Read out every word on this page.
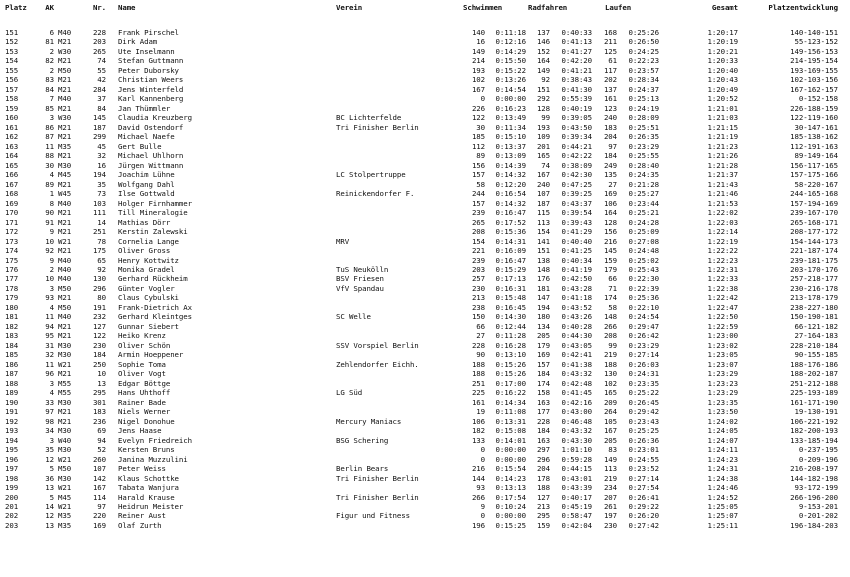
Platz	AK	Nr. Name	Verein	Schwimmen	Radfahren	Laufen	Gesamt	Platzentwicklung
151	6 M40	228 Frank Pirschel	140	0:11:18	137	0:40:33	168	0:25:26	1:20:17	140-140-151
152	81 M21	203 Dirk Adam	16	0:12:16	146	0:41:13	211	0:26:50	1:20:19	55-123-152
153	2 W30	265 Ute Inselmann	149	0:14:29	152	0:41:27	125	0:24:25	1:20:21	149-156-153
154	82 M21	74 Stefan Guttmann	214	0:15:50	164	0:42:20	61	0:22:23	1:20:33	214-195-154
155	2 M50	55 Peter Duborsky	193	0:15:22	149	0:41:21	117	0:23:57	1:20:40	193-169-155
156	83 M21	42 Christian Weers	102	0:13:26	92	0:38:43	202	0:28:34	1:20:43	102-103-156
157	84 M21	284 Jens Winterfeld	167	0:14:54	151	0:41:30	137	0:24:37	1:20:49	167-162-157
158	7 M40	37 Karl Kannenberg	0	0:00:00	292	0:55:39	161	0:25:13	1:20:52	0-152-158
159	85 M21	84 Jan Thümmler	226	0:16:23	128	0:40:19	123	0:24:19	1:21:01	226-188-159
160	3 W30	145 Claudia Kreuzberg	BC Lichterfelde	122	0:13:49	99	0:39:05	240	0:28:09	1:21:03	122-119-160
161	86 M21	187 David Ostendorf	Tri Finisher Berlin	30	0:11:34	193	0:43:50	183	0:25:51	1:21:15	30-147-161
162	87 M21	299 Michael Naefe	185	0:15:10	109	0:39:34	204	0:26:35	1:21:19	185-138-162
163	11 M35	45 Gert Bulle	112	0:13:37	201	0:44:21	97	0:23:29	1:21:23	112-191-163
164	88 M21	32 Michael Uhlhorn	89	0:13:09	165	0:42:22	184	0:25:55	1:21:26	89-149-164
165	30 M30	16 Jürgen Wittmann	156	0:14:39	74	0:38:09	249	0:28:40	1:21:28	156-117-165
166	4 M45	194 Joachim Lühne	LC Stolpertruppe	157	0:14:32	167	0:42:30	135	0:24:35	1:21:37	157-175-166
167	89 M21	35 Wolfgang Dahl	58	0:12:20	240	0:47:25	27	0:21:28	1:21:43	58-220-167
168	1 W45	73 Ilse Gottwald	Reinickendorfer F.	244	0:16:54	107	0:39:25	169	0:25:27	1:21:46	244-165-168
169	8 M40	103 Holger Firnhammer	157	0:14:32	187	0:43:37	106	0:23:44	1:21:53	157-194-169
170	90 M21	111 Till Mineralogie	239	0:16:47	115	0:39:54	164	0:25:21	1:22:02	239-167-170
171	91 M21	14 Mathias Dörr	265	0:17:52	113	0:39:43	128	0:24:28	1:22:03	265-168-171
172	9 M21	251 Kerstin Zalewski	208	0:15:36	154	0:41:29	156	0:25:09	1:22:14	208-177-172
173	10 W21	78 Cornelia Lange	MRV	154	0:14:31	141	0:40:40	216	0:27:08	1:22:19	154-144-173
174	92 M21	175 Oliver Gross	221	0:16:09	151	0:41:25	145	0:24:48	1:22:22	221-187-174
175	9 M40	65 Henry Kottwitz	239	0:16:47	138	0:40:34	159	0:25:02	1:22:23	239-181-175
176	2 M40	92 Monika Gradel	TuS Neukölln	203	0:15:29	148	0:41:19	179	0:25:43	1:22:31	203-170-176
177	10 M40	130 Gerhard Rückheim	BSV Friesen	257	0:17:13	176	0:42:50	66	0:22:30	1:22:33	257-218-177
178	3 M50	296 Günter Vogler	VfV Spandau	230	0:16:31	181	0:43:28	71	0:22:39	1:22:38	230-216-178
179	93 M21	80 Claus Cybulski	213	0:15:48	147	0:41:18	174	0:25:36	1:22:42	213-178-179
180	4 M50	191 Frank-Dietrich Ax	238	0:16:45	194	0:43:52	58	0:22:10	1:22:47	238-227-180
181	11 M40	232 Gerhard Kleintges	SC Welle	150	0:14:30	180	0:43:26	148	0:24:54	1:22:50	150-190-181
182	94 M21	127 Gunnar Siebert	66	0:12:44	134	0:40:28	266	0:29:47	1:22:59	66-121-182
183	95 M21	122 Heiko Krenz	27	0:11:28	205	0:44:30	208	0:26:42	1:23:00	27-164-183
184	31 M30	230 Oliver Schön	SSV Vorspiel Berlin	228	0:16:28	179	0:43:05	99	0:23:29	1:23:02	228-210-184
185	32 M30	184 Armin Hoeppener	90	0:13:10	169	0:42:41	219	0:27:14	1:23:05	90-155-185
186	11 W21	250 Sophie Toma	Zehlendorfer Eichh.	188	0:15:26	157	0:41:38	188	0:26:03	1:23:07	188-176-186
187	96 M21	10 Oliver Vogt	188	0:15:26	184	0:43:32	130	0:24:31	1:23:29	188-202-187
188	3 M55	13 Edgar Böttge	251	0:17:00	174	0:42:48	102	0:23:35	1:23:23	251-212-188
189	4 M55	295 Hans Uhthoff	LG Süd	225	0:16:22	158	0:41:45	165	0:25:22	1:23:29	225-193-189
190	33 M30	301 Rainer Bade	161	0:14:34	163	0:42:16	209	0:26:45	1:23:35	161-171-190
191	97 M21	183 Niels Werner	19	0:11:08	177	0:43:00	264	0:29:42	1:23:50	19-130-191
192	98 M21	236 Nigel Donohue	Mercury Maniacs	106	0:13:31	228	0:46:48	105	0:23:43	1:24:02	106-221-192
193	34 M30	69 Jens Haase	182	0:15:08	184	0:43:32	167	0:25:25	1:24:05	182-200-193
194	3 W40	94 Evelyn Friedreich	BSG Schering	133	0:14:01	163	0:43:30	205	0:26:36	1:24:07	133-185-194
195	35 M30	52 Kersten Bruns	0	0:00:00	297	1:01:10	83	0:23:01	1:24:11	0-237-195
196	12 W21	260 Janina Muzzulini	0	0:00:00	296	0:59:28	149	0:24:55	1:24:23	0-209-196
197	5 M50	107 Peter Weiss	Berlin Bears	216	0:15:54	204	0:44:15	113	0:23:52	1:24:31	216-208-197
198	36 M30	142 Klaus Schottke	Tri Finisher Berlin	144	0:14:23	178	0:43:01	219	0:27:14	1:24:38	144-182-198
199	13 W21	167 Tabata Wanjura	93	0:13:13	188	0:43:39	234	0:27:54	1:24:46	93-172-199
200	5 M45	114 Harald Krause	Tri Finisher Berlin	266	0:17:54	127	0:40:17	207	0:26:41	1:24:52	266-196-200
201	14 W21	97 Heidrun Meister	9	0:10:24	213	0:45:19	261	0:29:22	1:25:05	9-153-201
202	12 M35	220 Reiner Aust	Figur und Fitness	0	0:00:00	295	0:58:47	197	0:26:20	1:25:07	0-201-202
203	13 M35	169 Olaf Zurth	196	0:15:25	159	0:42:04	230	0:27:42	1:25:11	196-184-203
